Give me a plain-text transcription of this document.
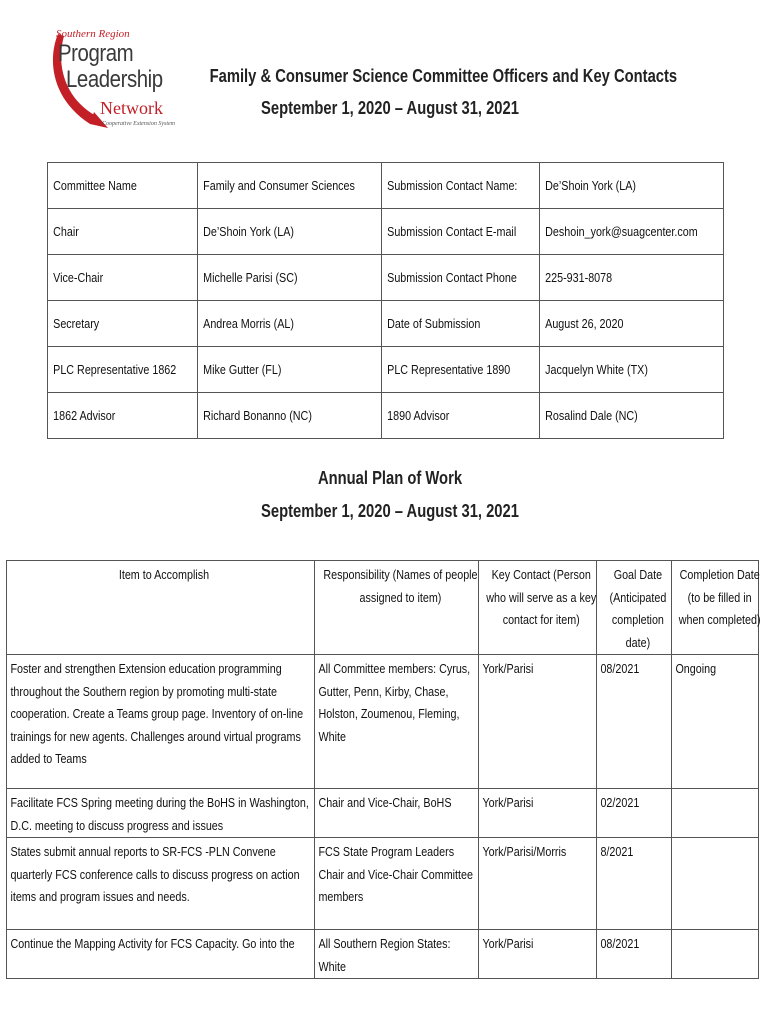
Southern Region
Program
Leadership
Network
Cooperative Extension System
Family & Consumer Science Committee Officers and Key Contacts
September 1, 2020 – August 31, 2021
Committee Name	Family and Consumer Sciences	Submission Contact Name:	De’Shoin York (LA)

Chair	De’Shoin York (LA)	Submission Contact E-mail	Deshoin_york@suagcenter.com

Vice-Chair	Michelle Parisi (SC)	Submission Contact Phone	225-931-8078

Secretary	Andrea Morris (AL)	Date of Submission	August 26, 2020

PLC Representative 1862	Mike Gutter (FL)	PLC Representative 1890	Jacquelyn White (TX)

1862 Advisor	Richard Bonanno (NC)	1890 Advisor	Rosalind Dale (NC)
Annual Plan of Work
September 1, 2020 – August 31, 2021
Item to Accomplish	Responsibility (Names of people assigned to item)	Key Contact (Person who will serve as a key contact for item)	Goal Date (Anticipated completion date)	Completion Date (to be filled in when completed)

Foster and strengthen Extension education programming throughout the Southern region by promoting multi-state cooperation. Create a Teams group page. Inventory of on-line trainings for new agents. Challenges around virtual programs added to Teams	All Committee members: Cyrus, Gutter, Penn, Kirby, Chase, Holston, Zoumenou, Fleming, White	York/Parisi	08/2021	Ongoing

Facilitate FCS Spring meeting during the BoHS in Washington, D.C. meeting to discuss progress and issues	Chair and Vice-Chair, BoHS	York/Parisi	02/2021	

States submit annual reports to SR-FCS -PLN Convene quarterly FCS conference calls to discuss progress on action items and program issues and needs.	FCS State Program Leaders Chair and Vice-Chair Committee members	York/Parisi/Morris	8/2021	

Continue the Mapping Activity for FCS Capacity. Go into the	All Southern Region States: White	York/Parisi	08/2021	
